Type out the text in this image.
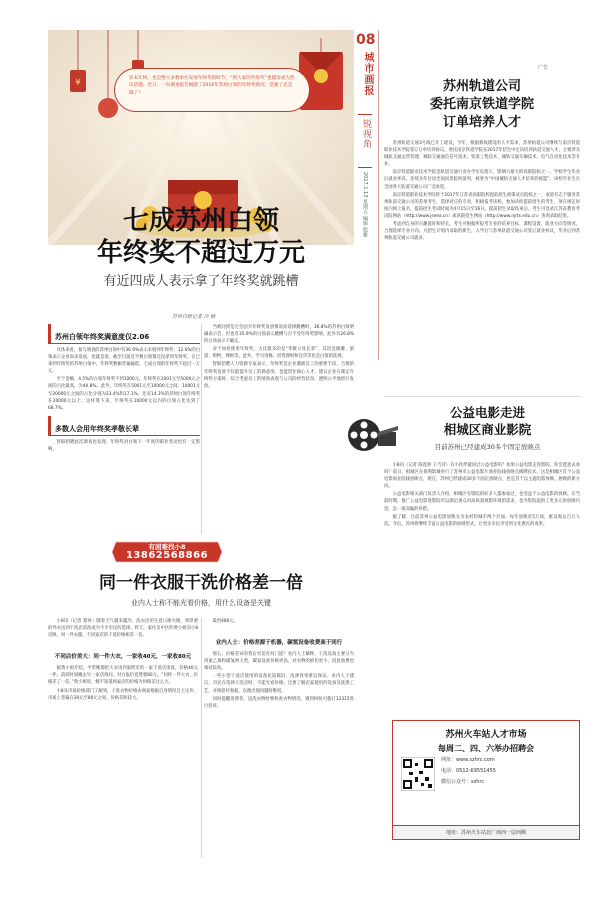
¥	岁末年终，也是绝大多数单位发放年终奖的时节，“别人家的年终奖”也越发成为热议话题。近日，一份调查报告揭晓了2016年苏州白领的年终奖情况，是涨了还是降了？
七成苏州白领
年终奖不超过万元
有近四成人表示拿了年终奖就跳槽
苏州日报记者 冷 颖
苏州白领年终奖满意度仅2.06

具体来看，参与调查的苏州白领中有36.9%表示未收到年终奖；12.6%的白领表示企业尚未发放，也就是说，截至目前近半数白领都还没拿到年终奖。在已拿到年终奖的苏州白领中，年终奖数额普遍偏低，七成白领的年终奖不超过一万元。

至于金额，4.5%的白领年终奖不到1000元，年终奖在1001元至5000元之间的占比最高，为40.8%。此外，年终奖在5001元至10000元之间、10001元至20000元之间的占比分别为23.4%和17.1%，还有14.3%的苏州白领年终奖在20000元以上，这样算下来，年终奖在10000元以内的白领占比达到了68.7%。

多数人会用年终奖孝敬长辈

智联招聘此次调查也发现，年终奖对白领下一年度的职业变动也有一定影响。

当被问到是否会因为年终奖发放情况而选择跳槽时，36.8%的苏州白领明确表示会，但也有35.9%的白领表示跳槽与否不受年终奖影响，此外有26.8%的白领表示不确定。

对于如何使用年终奖，占比最多的是“孝敬父母长辈”，其次是储蓄、旅游、购物、理财等。此外，学习进修、投资理财和还贷等也是白领的选择。

智联招聘人力资源专家表示，年终奖是企业激励员工的重要手段，合理的年终奖发放不仅能提升员工的满意度，也能留住核心人才。建议企业在制定年终奖方案时，综合考虑员工的绩效表现与公司的经营状况，透明公平地进行发放。

有困难找小8
13862568866
同一件衣服干洗价格差一倍
业内人士称不能光看价格，用什么设备是关键

小8讯（记者 蔡冉）随着天气越来越冷，洗衣店的生意日渐火爆，将厚重的外衣送到干洗店清洗成为不少市民的选择。昨天，家住吴中区的黄小姐向小8反映，同一件衣服，不同家店的干洗价格相差一倍。

不同店价差大：同一件大衣，一家收40元，一家收80元

据黄小姐介绍，平常她都把大衣送到家附近的一家干洗店清洗，价格40元一件。前段时间她去另一家店询问，对方报价竟然要80元。“同样一件大衣，价格差了一倍。”黄小姐说，她不知道两家店的价格为何相差这么大。

小8从市场价格部门了解到，干洗衣物价格由商家根据自身情况自主定价，市场上普遍在30元至80元之间，价格差距较大。

最贵480元。

业内人士：价格差源于机器，碳氢设备收费高于同行

那么，价格差异的背后究竟有何门道？业内人士解释，干洗设备主要分为四氯乙烯和碳氢两大类，碳氢设备价格更高，对衣物的损伤更小，因此收费也相对较高。

一些小型干洗店使用的设备比较陈旧，洗涤效果难以保证。业内人士建议，市民在选择干洗店时，不能光看价格，还要了解店家使用的设备及洗涤工艺，并保留好收据，以便出现问题时维权。

同时提醒消费者，送洗衣物时要检查衣物情况，遇到纠纷可拨打12315进行投诉。

08
城市画报
锐视角
2017.1.13 星期五 编辑 殷雅
广告
苏州轨道公司
委托南京铁道学院
订单培养人才

苏州轨道交通3号线已开工建设，今年，根据新线建设的人才需求，苏州轨道公司继续与南京铁道职业技术学院签订订单培养协议，委托南京铁道学院在2017年招生中定向培养轨道交通人才，主要涉及城轨交通运营管理、城轨交通通信信号技术、铁道工程技术、城轨交通车辆技术、电气自动化技术等专业。

南京铁道职业技术学院是轨道交通行业办学历史悠久、影响力最大的高职院校之一。学校学生毕业后就业率高，连续多年位居全国同类院校前列，被誉为“中国城轨交通人才培养的摇篮”。该校毕业生在全国各大轨道交通公司广受欢迎。

南京铁道职业技术学院将于2017年江苏省高职院校提前招生政策试点院校之一，欢迎有志于服务苏州轨道交通公司的苏州考生，选择对应的专业，积极报考该校。参加该校提前招生的考生，须在规定时间内网上报名，提前招生考试时间为4月15日至16日。提前招生录取结束后，考生可登录江苏省教育考试院网站（http://www.jseea.cn）或该院招生网站（http://www.njrts.edu.cn）查询录取结果。

考虑到自身的兴趣爱好和特长，考生可根据所报考专业的培养目标、课程设置、就业方向等情况，合理选择专业方向。凡招生计划内录取的新生，入学后与苏州轨道交通公司签订就业协议，毕业后到苏州轨道交通公司就业。

公益电影走进
相城区商业影院
目前苏州已经建成30多个固定放映点

小8讯（记者 陈霓婷 王乃萍）有小伙伴疑问过公益电影吗？如果公益电影走进影院，你会愿意去看吗？前日，相城区在保利影城举行了苏州市公益电影片商业院线放映点揭牌仪式，这是相城区首个公益电影商业院线放映点，现在，苏州已经建成30多个固定放映点，也是首个以主题电影放映、展映的新方向。

公益电影相关部门负责人介绍，相城区有影院的好多人都参加过，也受益于公益电影的放映。在当前时期，推广公益电影进影院可以满足观众对高质量观影环境的需求，也为影院提供了更多元的放映内容，是一项双赢的举措。

据了解，目前苏州公益电影放映分为农村和城市两个层面，每年放映近5万场，惠及观众百万人次。今后，苏州将继续丰富公益电影的放映形式，让更多市民享受到文化惠民的成果。

苏州火车站人才市场
每周二、四、六举办招聘会
网址：www.szhrc.com
电话：0512-69551455
微信公众号：szhrc
地址：苏州火车站北广场西一层西侧
